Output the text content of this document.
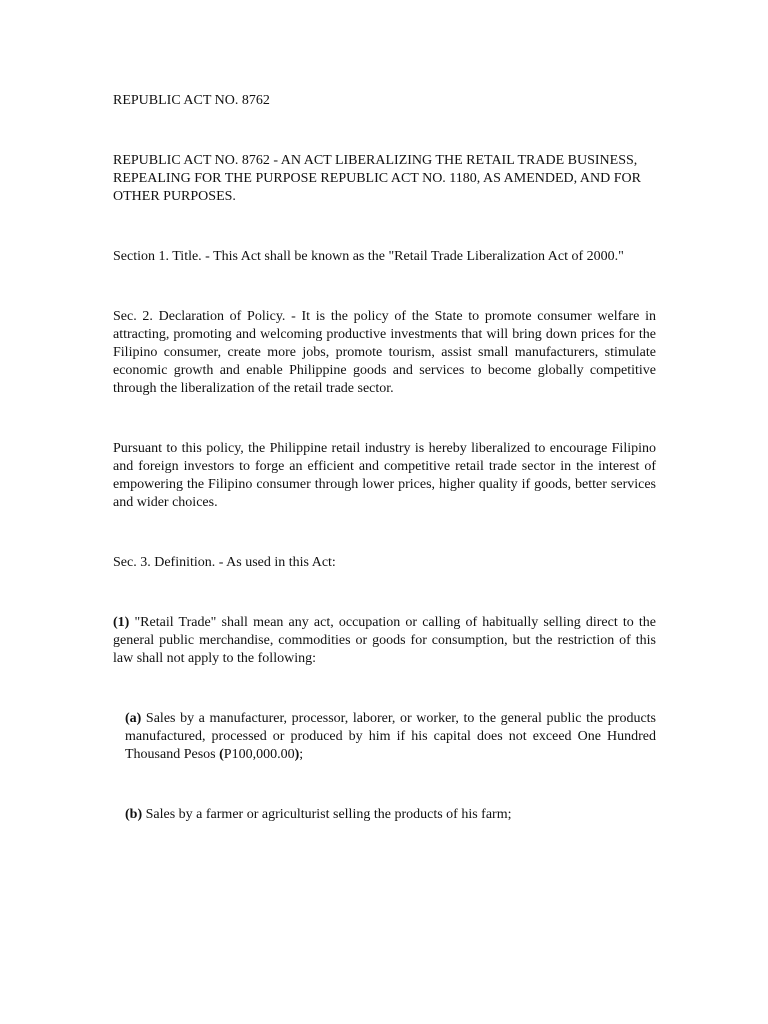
REPUBLIC ACT NO. 8762

REPUBLIC ACT NO. 8762 - AN ACT LIBERALIZING THE RETAIL TRADE BUSINESS, REPEALING FOR THE PURPOSE REPUBLIC ACT NO. 1180, AS AMENDED, AND FOR OTHER PURPOSES.

Section 1. Title. - This Act shall be known as the "Retail Trade Liberalization Act of 2000."

Sec. 2. Declaration of Policy. - It is the policy of the State to promote consumer welfare in attracting, promoting and welcoming productive investments that will bring down prices for the Filipino consumer, create more jobs, promote tourism, assist small manufacturers, stimulate economic growth and enable Philippine goods and services to become globally competitive through the liberalization of the retail trade sector.

Pursuant to this policy, the Philippine retail industry is hereby liberalized to encourage Filipino and foreign investors to forge an efficient and competitive retail trade sector in the interest of empowering the Filipino consumer through lower prices, higher quality if goods, better services and wider choices.

Sec. 3. Definition. - As used in this Act:

(1) "Retail Trade" shall mean any act, occupation or calling of habitually selling direct to the general public merchandise, commodities or goods for consumption, but the restriction of this law shall not apply to the following:

(a) Sales by a manufacturer, processor, laborer, or worker, to the general public the products manufactured, processed or produced by him if his capital does not exceed One Hundred Thousand Pesos (P100,000.00);

(b) Sales by a farmer or agriculturist selling the products of his farm;
